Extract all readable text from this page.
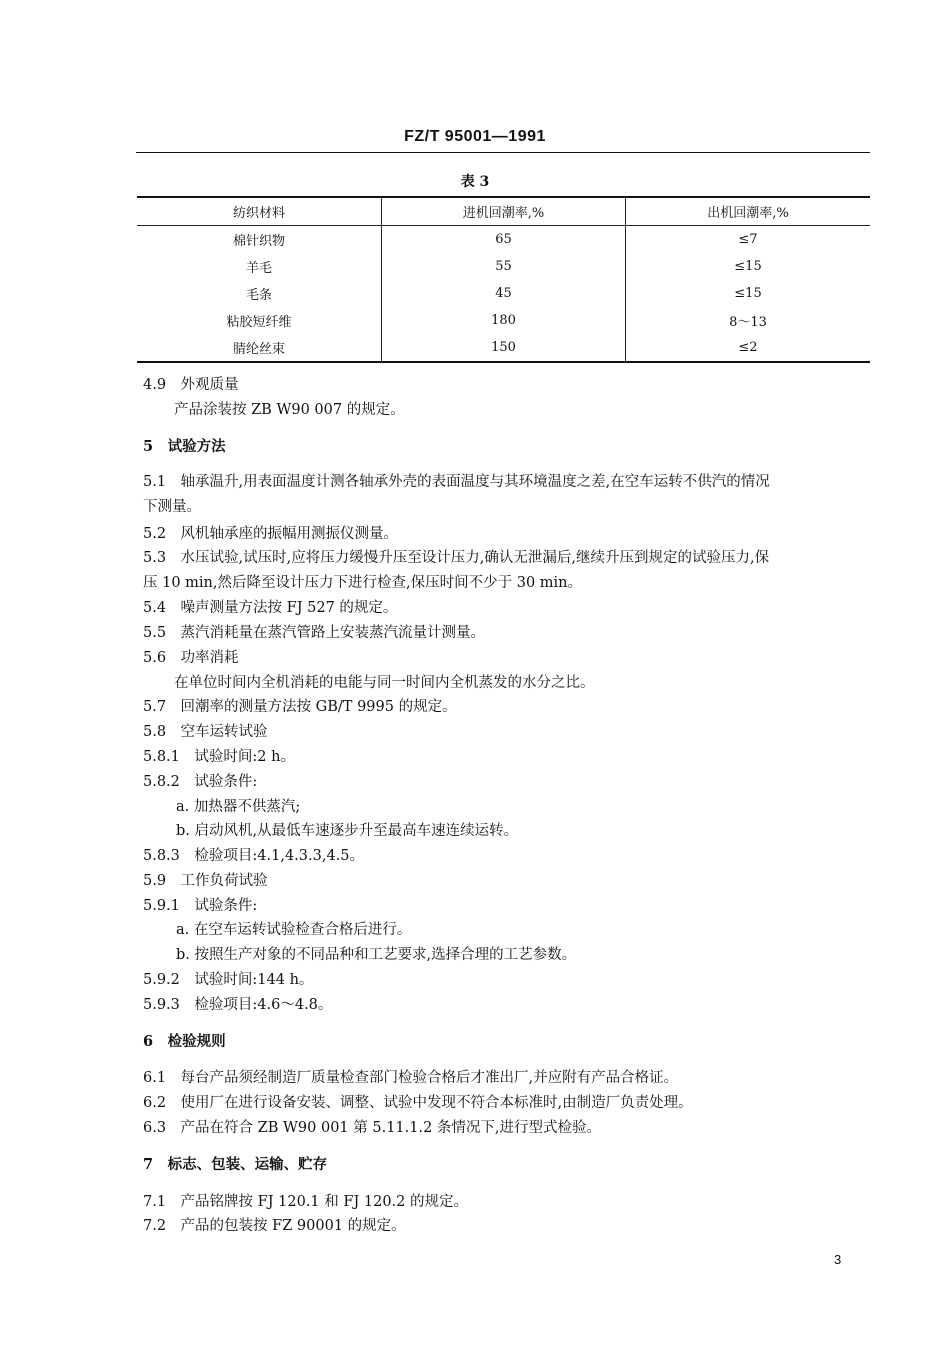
FZ/T 95001—1991
表 3
纺织材料	进机回潮率,%	出机回潮率,%
棉针织物	65	≤7
羊毛	55	≤15
毛条	45	≤15
粘胶短纤维	180	8～13
腈纶丝束	150	≤2
4.9　外观质量
产品涂装按 ZB W90 007 的规定。
5　试验方法
5.1　轴承温升,用表面温度计测各轴承外壳的表面温度与其环境温度之差,在空车运转不供汽的情况
下测量。
5.2　风机轴承座的振幅用测振仪测量。
5.3　水压试验,试压时,应将压力缓慢升压至设计压力,确认无泄漏后,继续升压到规定的试验压力,保
压 10 min,然后降至设计压力下进行检查,保压时间不少于 30 min。
5.4　噪声测量方法按 FJ 527 的规定。
5.5　蒸汽消耗量在蒸汽管路上安装蒸汽流量计测量。
5.6　功率消耗
在单位时间内全机消耗的电能与同一时间内全机蒸发的水分之比。
5.7　回潮率的测量方法按 GB/T 9995 的规定。
5.8　空车运转试验
5.8.1　试验时间:2 h。
5.8.2　试验条件:
a. 加热器不供蒸汽;
b. 启动风机,从最低车速逐步升至最高车速连续运转。
5.8.3　检验项目:4.1,4.3.3,4.5。
5.9　工作负荷试验
5.9.1　试验条件:
a. 在空车运转试验检查合格后进行。
b. 按照生产对象的不同品种和工艺要求,选择合理的工艺参数。
5.9.2　试验时间:144 h。
5.9.3　检验项目:4.6～4.8。
6　检验规则
6.1　每台产品须经制造厂质量检查部门检验合格后才准出厂,并应附有产品合格证。
6.2　使用厂在进行设备安装、调整、试验中发现不符合本标准时,由制造厂负责处理。
6.3　产品在符合 ZB W90 001 第 5.11.1.2 条情况下,进行型式检验。
7　标志、包装、运输、贮存
7.1　产品铭牌按 FJ 120.1 和 FJ 120.2 的规定。
7.2　产品的包装按 FZ 90001 的规定。
3
